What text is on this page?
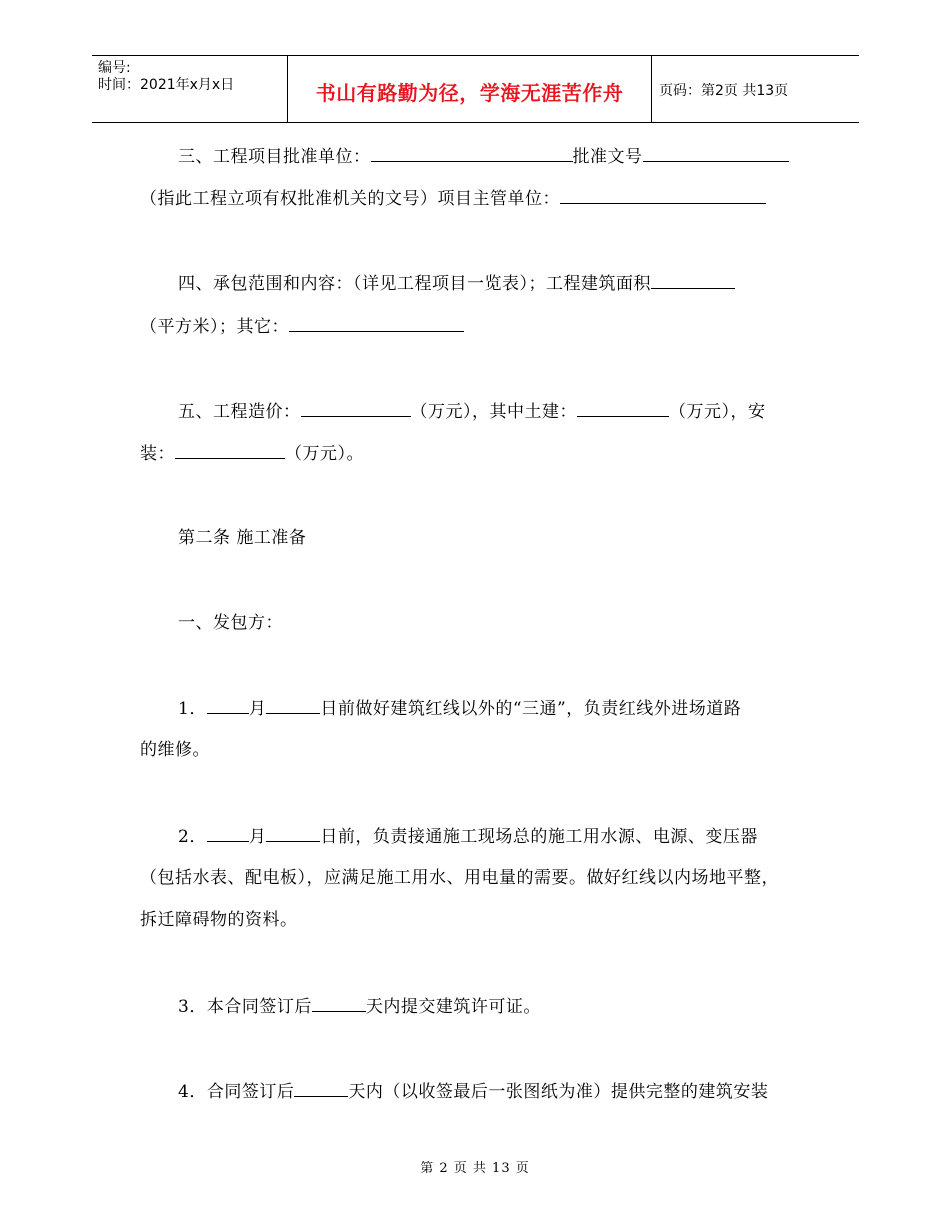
编号:
时间：2021年x月x日	书山有路勤为径，学海无涯苦作舟	页码：第2页 共13页
三、工程项目批准单位：	批准文号
（指此工程立项有权批准机关的文号）项目主管单位：
四、承包范围和内容：（详见工程项目一览表）；工程建筑面积
（平方米）；其它：
五、工程造价：	（万元），其中土建：	（万元），安
装：	（万元）。
第二条 施工准备
一、发包方：
1． 月	日前做好建筑红线以外的“三通”，负责红线外进场道路
的维修。
2． 月	日前，负责接通施工现场总的施工用水源、电源、变压器
（包括水表、配电板），应满足施工用水、用电量的需要。做好红线以内场地平整，
拆迁障碍物的资料。
3．本合同签订后	天内提交建筑许可证。
4．合同签订后	天内（以收签最后一张图纸为准）提供完整的建筑安装
第 2 页 共 13 页
